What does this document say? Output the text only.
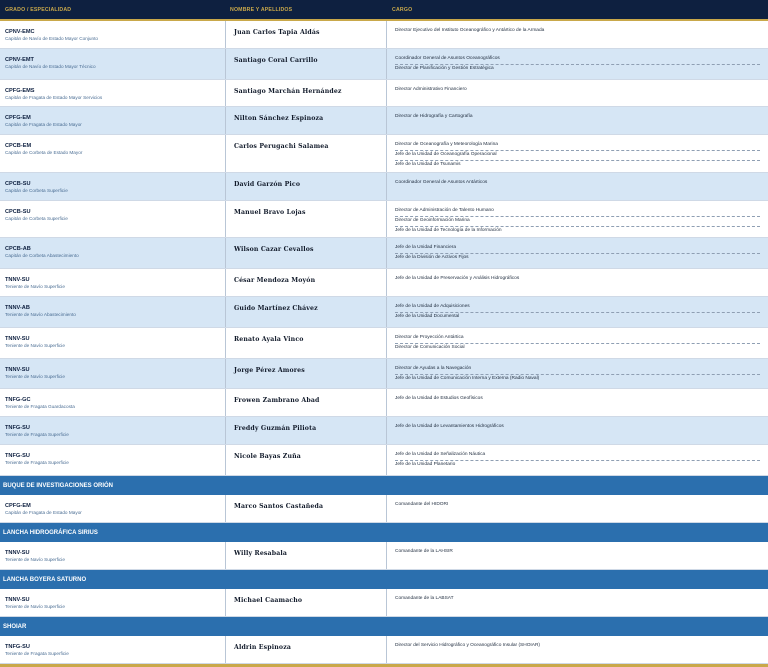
GRADO / ESPECIALIDAD	NOMBRE Y APELLIDOS	CARGO
CPNV-EMC
Capitán de Navío de Estado Mayor Conjunto
Juan Carlos Tapia Aldás	Director Ejecutivo del Instituto Oceanográfico y Antártico de la Armada
CPNV-EMT
Capitán de Navío de Estado Mayor Técnico
Santiago Coral Carrillo	Coordinador General de Asuntos Oceanográficos
Director de Planificación y Gestión Estratégica
CPFG-EMS
Capitán de Fragata de Estado Mayor Servicios
Santiago Marchán Hernández	Director Administrativo Financiero
CPFG-EM
Capitán de Fragata de Estado Mayor
Nilton Sánchez Espinoza	Director de Hidrografía y Cartografía
CPCB-EM
Capitán de Corbeta de Estado Mayor
Carlos Perugachi Salamea	Director de Oceanografía y Meteorología Marina
Jefe de la Unidad de Oceanografía Operacional
Jefe de la Unidad de Tsunamis
CPCB-SU
Capitán de Corbeta Superficie
David Garzón Pico	Coordinador General de Asuntos Antárticos
CPCB-SU
Capitán de Corbeta Superficie
Manuel Bravo Lojas	Director de Administración de Talento Humano
Director de Geoinformación Marina
Jefe de la Unidad de Tecnología de la Información
CPCB-AB
Capitán de Corbeta Abastecimiento
Wilson Cazar Cevallos	Jefe de la Unidad Financiera
Jefe de la División de Activos Fijos
TNNV-SU
Teniente de Navío Superficie
César Mendoza Moyón	Jefe de la Unidad de Preservación y Análisis Hidrográficos
TNNV-AB
Teniente de Navío Abastecimiento
Guido Martínez Chávez	Jefe de la Unidad de Adquisiciones
Jefe de la Unidad Documental
TNNV-SU
Teniente de Navío Superficie
Renato Ayala Vinco	Director de Proyección Antártica
Director de Comunicación Social
TNNV-SU
Teniente de Navío Superficie
Jorge Pérez Amores	Director de Ayudas a la Navegación
Jefe de la Unidad de Comunicación Interna y Externa (Radio Naval)
TNFG-GC
Teniente de Fragata Guardacosta
Frowen Zambrano Abad	Jefe de la Unidad de Estudios Geofísicos
TNFG-SU
Teniente de Fragata Superficie
Freddy Guzmán Piliota	Jefe de la Unidad de Levantamientos Hidrográficos
TNFG-SU
Teniente de Fragata Superficie
Nicole Bayas Zuña	Jefe de la Unidad de Señalización Náutica
Jefe de la Unidad Planetario
BUQUE DE INVESTIGACIONES ORIÓN
CPFG-EM
Capitán de Fragata de Estado Mayor
Marco Santos Castañeda	Comandante del HIDORI
LANCHA HIDROGRÁFICA SIRIUS
TNNV-SU
Teniente de Navío Superficie
Willy Resabala	Comandante de la LAHSIR
LANCHA BOYERA SATURNO
TNNV-SU
Teniente de Navío Superficie
Michael Caamacho	Comandante de la LABSAT
SHOIAR
TNFG-SU
Teniente de Fragata Superficie
Aldrin Espinoza	Director del Servicio Hidrográfico y Oceanográfico Insular (SHOIAR)
